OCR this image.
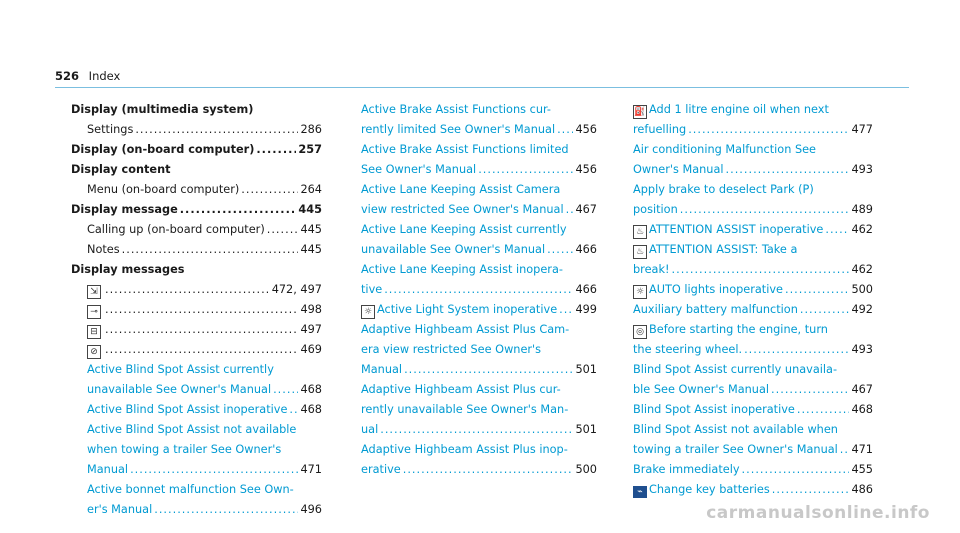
526 Index
Display (multimedia system)
Settings .....	286
Display (on-board computer) .....	257
Display content
Menu (on-board computer) .....	264
Display message .....	445
Calling up (on-board computer) .....	445
Notes .....	445
Display messages
⇲ .....	472, 497
⊸ .....	498
⊟ .....	497
⊘ .....	469
Active Blind Spot Assist currently
unavailable See Owner's Manual .....	468
Active Blind Spot Assist inoperative ..... 468
Active Blind Spot Assist not available
when towing a trailer See Owner's
Manual .....	471
Active bonnet malfunction See Own-
er's Manual .....	496
Active Brake Assist Functions cur-
rently limited See Owner's Manual ..... 456
Active Brake Assist Functions limited
See Owner's Manual .....	456
Active Lane Keeping Assist Camera
view restricted See Owner's Manual ..... 467
Active Lane Keeping Assist currently
unavailable See Owner's Manual .....	466
Active Lane Keeping Assist inopera-
tive .....	466
☼ Active Light System inoperative ..... 499
Adaptive Highbeam Assist Plus Cam-
era view restricted See Owner's
Manual .....	501
Adaptive Highbeam Assist Plus cur-
rently unavailable See Owner's Man-
ual .....	501
Adaptive Highbeam Assist Plus inop-
erative .....	500
⛽ Add 1 litre engine oil when next
refuelling .....	477
Air conditioning Malfunction See
Owner's Manual .....	493
Apply brake to deselect Park (P)
position .....	489
♨ ATTENTION ASSIST inoperative ..... 462
♨ ATTENTION ASSIST: Take a
break! .....	462
☼ AUTO lights inoperative .....	500
Auxiliary battery malfunction .....	492
◎ Before starting the engine, turn
the steering wheel. .....	493
Blind Spot Assist currently unavaila-
ble See Owner's Manual .....	467
Blind Spot Assist inoperative .....	468
Blind Spot Assist not available when
towing a trailer See Owner's Manual ..... 471
Brake immediately .....	455
⌁ Change key batteries .....	486
carmanualsonline.info
